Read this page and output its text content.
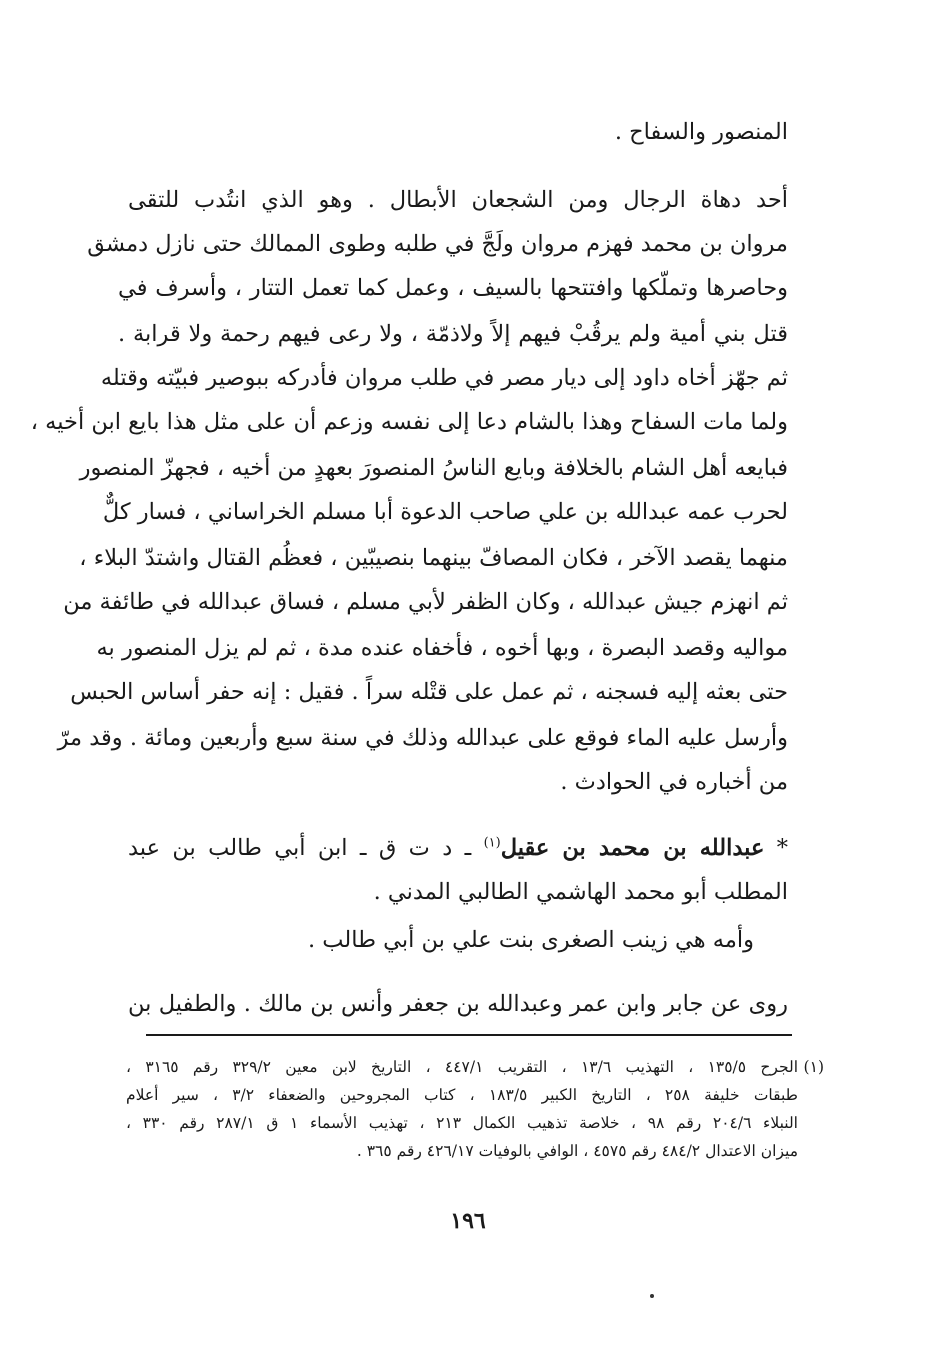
المنصور والسفاح .
أحد دهاة الرجال ومن الشجعان الأبطال . وهو الذي انتُدب للتقى
مروان بن محمد فهزم مروان ولَجَّ في طلبه وطوى الممالك حتى نازل دمشق
وحاصرها وتملّكها وافتتحها بالسيف ، وعمل كما تعمل التتار ، وأسرف في
قتل بني أمية ولم يرقُبْ فيهم إلاً ولاذمّة ، ولا رعى فيهم رحمة ولا قرابة .
ثم جهّز أخاه داود إلى ديار مصر في طلب مروان فأدركه ببوصير فبيّته وقتله
ولما مات السفاح وهذا بالشام دعا إلى نفسه وزعم أن على مثل هذا بايع ابن أخيه ،
فبايعه أهل الشام بالخلافة وبايع الناسُ المنصورَ بعهدٍ من أخيه ، فجهزّ المنصور
لحرب عمه عبدالله بن علي صاحب الدعوة أبا مسلم الخراساني ، فسار كلٌّ
منهما يقصد الآخر ، فكان المصافّ بينهما بنصيبّين ، فعظُم القتال واشتدّ البلاء ،
ثم انهزم جيش عبدالله ، وكان الظفر لأبي مسلم ، فساق عبدالله في طائفة من
مواليه وقصد البصرة ، وبها أخوه ، فأخفاه عنده مدة ، ثم لم يزل المنصور به
حتى بعثه إليه فسجنه ، ثم عمل على قتْله سراً . فقيل : إنه حفر أساس الحبس
وأرسل عليه الماء فوقع على عبدالله وذلك في سنة سبع وأربعين ومائة . وقد مرّ
من أخباره في الحوادث .
* عبدالله بن محمد بن عقيل$^{(١)}$ ـ د ت ق ـ ابن أبي طالب بن عبد
المطلب أبو محمد الهاشمي الطالبي المدني .
وأمه هي زينب الصغرى بنت علي بن أبي طالب .
روى عن جابر وابن عمر وعبدالله بن جعفر وأنس بن مالك . والطفيل بن
(١)
الجرح ١٣٥/٥ ، التهذيب ١٣/٦ ، التقريب ٤٤٧/١ ، التاريخ لابن معين ٣٢٩/٢ رقم ٣١٦٥ ،
طبقات خليفة ٢٥٨ ، التاريخ الكبير ١٨٣/٥ ، كتاب المجروحين والضعفاء ٣/٢ ، سير أعلام
النبلاء ٢٠٤/٦ رقم ٩٨ ، خلاصة تذهيب الكمال ٢١٣ ، تهذيب الأسماء ١ ق ٢٨٧/١ رقم ٣٣٠ ،
ميزان الاعتدال ٤٨٤/٢ رقم ٤٥٧٥ ، الوافي بالوفيات ٤٢٦/١٧ رقم ٣٦٥ .
١٩٦
